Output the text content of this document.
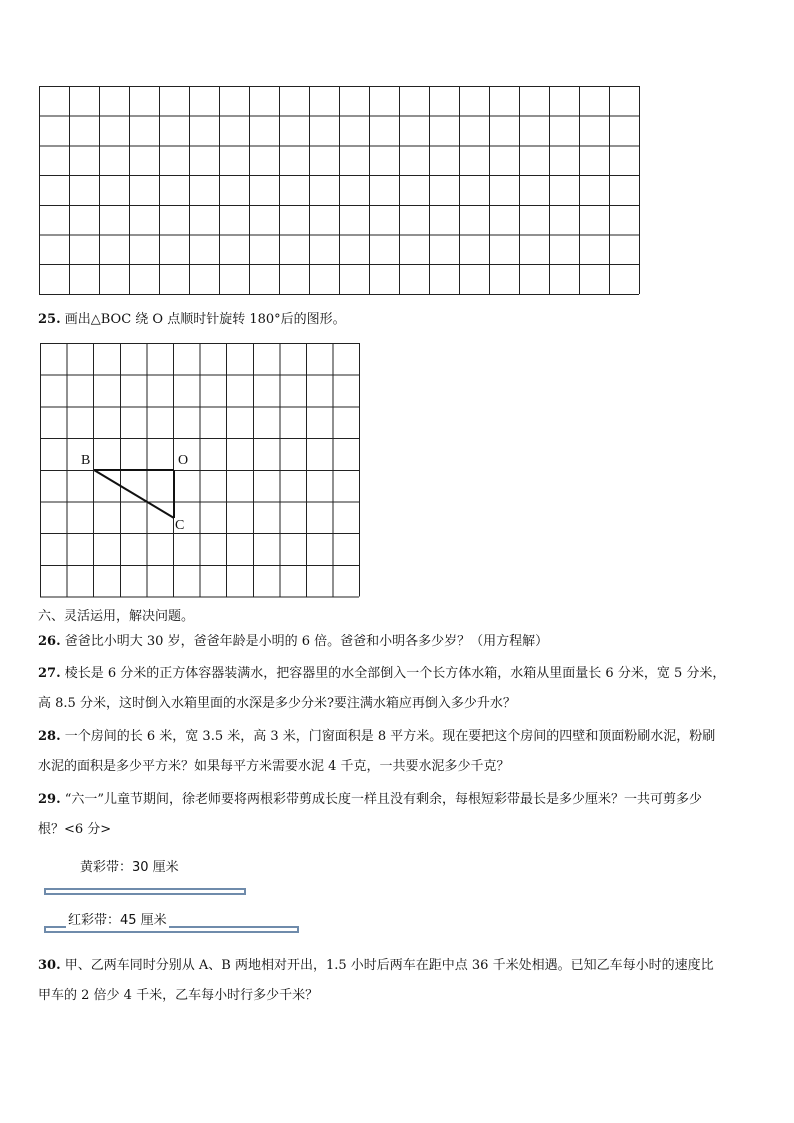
25. 画出△BOC 绕 O 点顺时针旋转 180°后的图形。
B	O
C
六、灵活运用，解决问题。
26. 爸爸比小明大 30 岁，爸爸年龄是小明的 6 倍。爸爸和小明各多少岁？（用方程解）
27. 棱长是 6 分米的正方体容器装满水，把容器里的水全部倒入一个长方体水箱，水箱从里面量长 6 分米，宽 5 分米，
高 8.5 分米，这时倒入水箱里面的水深是多少分米?要注满水箱应再倒入多少升水？
28. 一个房间的长 6 米，宽 3.5 米，高 3 米，门窗面积是 8 平方米。现在要把这个房间的四壁和顶面粉刷水泥，粉刷
水泥的面积是多少平方米？如果每平方米需要水泥 4 千克，一共要水泥多少千克？
29. “六一”儿童节期间，徐老师要将两根彩带剪成长度一样且没有剩余，每根短彩带最长是多少厘米？一共可剪多少
根？<6 分>
黄彩带：30 厘米
红彩带：45 厘米
30. 甲、乙两车同时分别从 A、B 两地相对开出，1.5 小时后两车在距中点 36 千米处相遇。已知乙车每小时的速度比
甲车的 2 倍少 4 千米，乙车每小时行多少千米？
